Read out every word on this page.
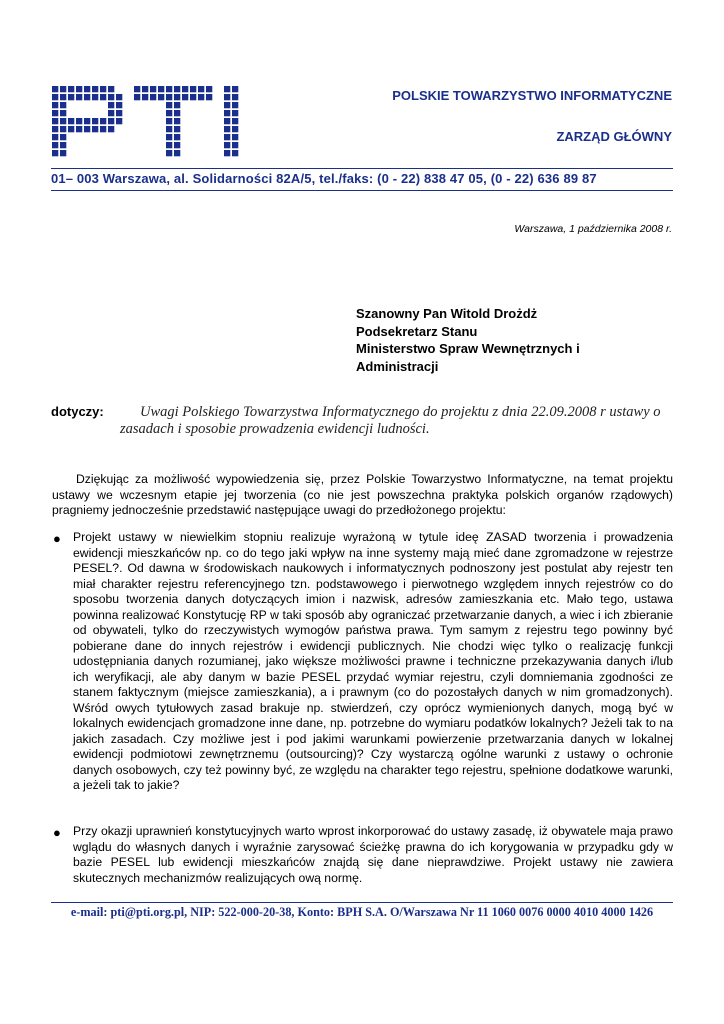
POLSKIE TOWARZYSTWO INFORMATYCZNE
ZARZĄD GŁÓWNY
01– 003 Warszawa, al. Solidarności 82A/5, tel./faks: (0 - 22) 838 47 05, (0 - 22) 636 89 87
Warszawa, 1 października 2008 r.
Szanowny Pan Witold Drożdż
Podsekretarz Stanu
Ministerstwo Spraw Wewnętrznych i
Administracji
dotyczy:	Uwagi Polskiego Towarzystwa Informatycznego do projektu z dnia 22.09.2008 r ustawy o
zasadach i sposobie prowadzenia ewidencji ludności.
Dziękując za możliwość wypowiedzenia się, przez Polskie Towarzystwo Informatyczne, na temat projektu ustawy we wczesnym etapie jej tworzenia (co nie jest powszechna praktyka polskich organów rządowych) pragniemy jednocześnie przedstawić następujące uwagi do przedłożonego projektu:
● Projekt ustawy w niewielkim stopniu realizuje wyrażoną w tytule ideę ZASAD tworzenia i prowadzenia ewidencji mieszkańców np. co do tego jaki wpływ na inne systemy mają mieć dane zgromadzone w rejestrze PESEL?. Od dawna w środowiskach naukowych i informatycznych podnoszony jest postulat aby rejestr ten miał charakter rejestru referencyjnego tzn. podstawowego i pierwotnego względem innych rejestrów co do sposobu tworzenia danych dotyczących imion i nazwisk, adresów zamieszkania etc. Mało tego, ustawa powinna realizować Konstytucję RP w taki sposób aby ograniczać przetwarzanie danych, a wiec i ich zbieranie od obywateli, tylko do rzeczywistych wymogów państwa prawa. Tym samym z rejestru tego powinny być pobierane dane do innych rejestrów i ewidencji publicznych. Nie chodzi więc tylko o realizację funkcji udostępniania danych rozumianej, jako większe możliwości prawne i techniczne przekazywania danych i/lub ich weryfikacji, ale aby danym w bazie PESEL przydać wymiar rejestru, czyli domniemania zgodności ze stanem faktycznym (miejsce zamieszkania), a i prawnym (co do pozostałych danych w nim gromadzonych). Wśród owych tytułowych zasad brakuje np. stwierdzeń, czy oprócz wymienionych danych, mogą być w lokalnych ewidencjach gromadzone inne dane, np. potrzebne do wymiaru podatków lokalnych? Jeżeli tak to na jakich zasadach. Czy możliwe jest i pod jakimi warunkami powierzenie przetwarzania danych w lokalnej ewidencji podmiotowi zewnętrznemu (outsourcing)? Czy wystarczą ogólne warunki z ustawy o ochronie danych osobowych, czy też powinny być, ze względu na charakter tego rejestru, spełnione dodatkowe warunki, a jeżeli tak to jakie?
● Przy okazji uprawnień konstytucyjnych warto wprost inkorporować do ustawy zasadę, iż obywatele maja prawo wglądu do własnych danych i wyraźnie zarysować ścieżkę prawna do ich korygowania w przypadku gdy w bazie PESEL lub ewidencji mieszkańców znajdą się dane nieprawdziwe. Projekt ustawy nie zawiera skutecznych mechanizmów realizujących ową normę.
e-mail: pti@pti.org.pl, NIP: 522-000-20-38, Konto: BPH S.A. O/Warszawa Nr 11 1060 0076 0000 4010 4000 1426
